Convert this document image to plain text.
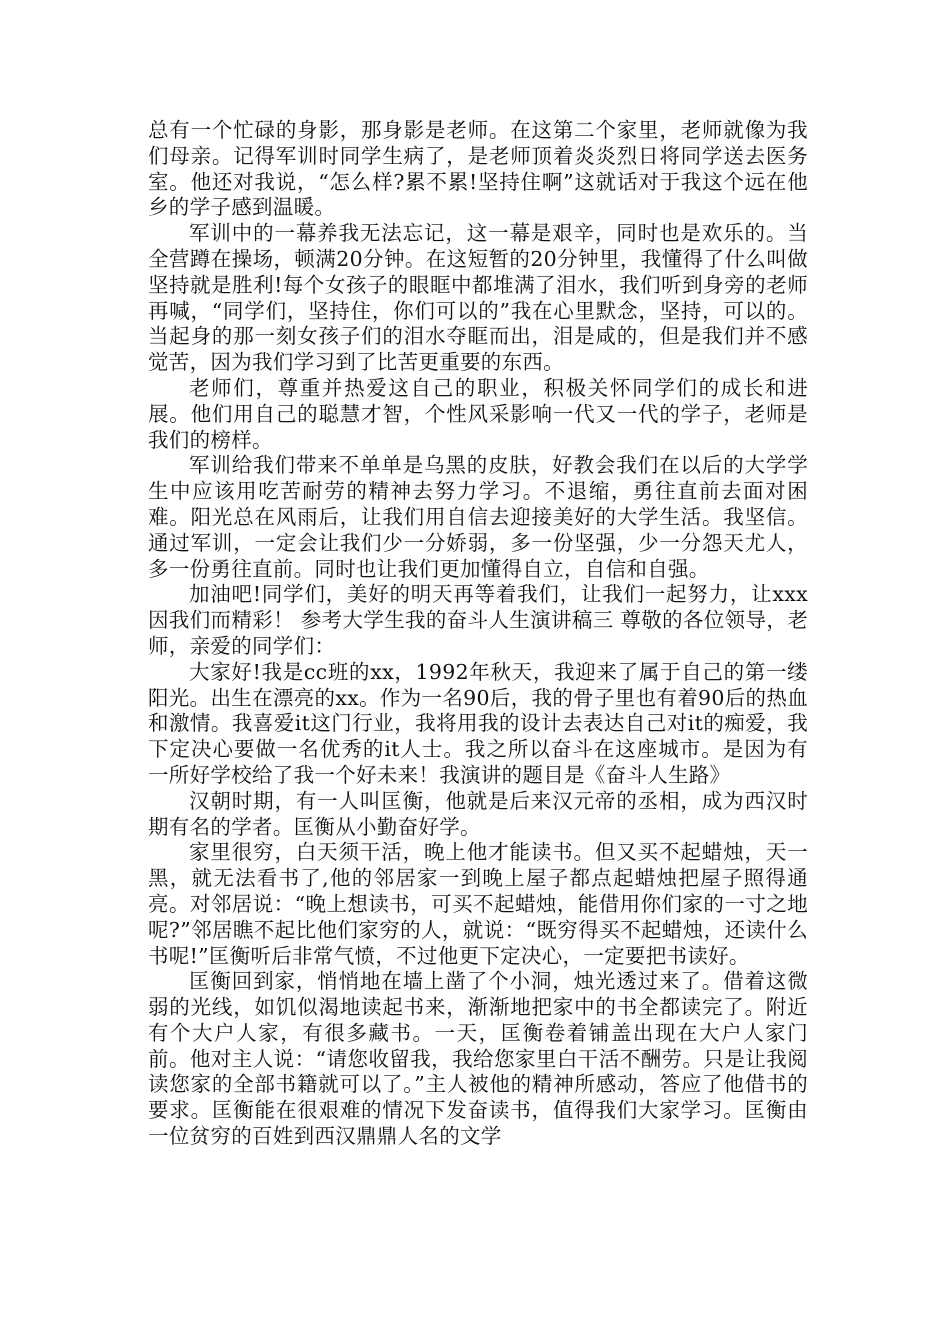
总有一个忙碌的身影，那身影是老师。在这第二个家里，老师就像为我们母亲。记得军训时同学生病了，是老师顶着炎炎烈日将同学送去医务室。他还对我说，“怎么样?累不累!坚持住啊”这就话对于我这个远在他乡的学子感到温暖。

军训中的一幕养我无法忘记，这一幕是艰辛，同时也是欢乐的。当全营蹲在操场，顿满20分钟。在这短暂的20分钟里，我懂得了什么叫做坚持就是胜利!每个女孩子的眼眶中都堆满了泪水，我们听到身旁的老师再喊，“同学们，坚持住，你们可以的”我在心里默念，坚持，可以的。当起身的那一刻女孩子们的泪水夺眶而出，泪是咸的，但是我们并不感觉苦，因为我们学习到了比苦更重要的东西。

老师们，尊重并热爱这自己的职业，积极关怀同学们的成长和进展。他们用自己的聪慧才智，个性风采影响一代又一代的学子，老师是我们的榜样。

军训给我们带来不单单是乌黑的皮肤，好教会我们在以后的大学学生中应该用吃苦耐劳的精神去努力学习。不退缩，勇往直前去面对困难。阳光总在风雨后，让我们用自信去迎接美好的大学生活。我坚信。通过军训，一定会让我们少一分娇弱，多一份坚强，少一分怨天尤人，多一份勇往直前。同时也让我们更加懂得自立，自信和自强。

加油吧!同学们，美好的明天再等着我们，让我们一起努力，让xxx因我们而精彩！ 参考大学生我的奋斗人生演讲稿三 尊敬的各位领导，老师，亲爱的同学们：

大家好!我是cc班的xx，1992年秋天，我迎来了属于自己的第一缕阳光。出生在漂亮的xx。作为一名90后，我的骨子里也有着90后的热血和激情。我喜爱it这门行业，我将用我的设计去表达自己对it的痴爱，我下定决心要做一名优秀的it人士。我之所以奋斗在这座城市。是因为有一所好学校给了我一个好未来！我演讲的题目是《奋斗人生路》

汉朝时期，有一人叫匡衡，他就是后来汉元帝的丞相，成为西汉时期有名的学者。匡衡从小勤奋好学。

家里很穷，白天须干活，晚上他才能读书。但又买不起蜡烛，天一黑，就无法看书了,他的邻居家一到晚上屋子都点起蜡烛把屋子照得通亮。对邻居说：“晚上想读书，可买不起蜡烛，能借用你们家的一寸之地呢?”邻居瞧不起比他们家穷的人，就说：“既穷得买不起蜡烛，还读什么书呢!”匡衡听后非常气愤，不过他更下定决心，一定要把书读好。

匡衡回到家，悄悄地在墙上凿了个小洞，烛光透过来了。借着这微弱的光线，如饥似渴地读起书来，渐渐地把家中的书全都读完了。附近有个大户人家，有很多藏书。一天，匡衡卷着铺盖出现在大户人家门前。他对主人说：“请您收留我，我给您家里白干活不酬劳。只是让我阅读您家的全部书籍就可以了。”主人被他的精神所感动，答应了他借书的要求。匡衡能在很艰难的情况下发奋读书，值得我们大家学习。匡衡由一位贫穷的百姓到西汉鼎鼎人名的文学
